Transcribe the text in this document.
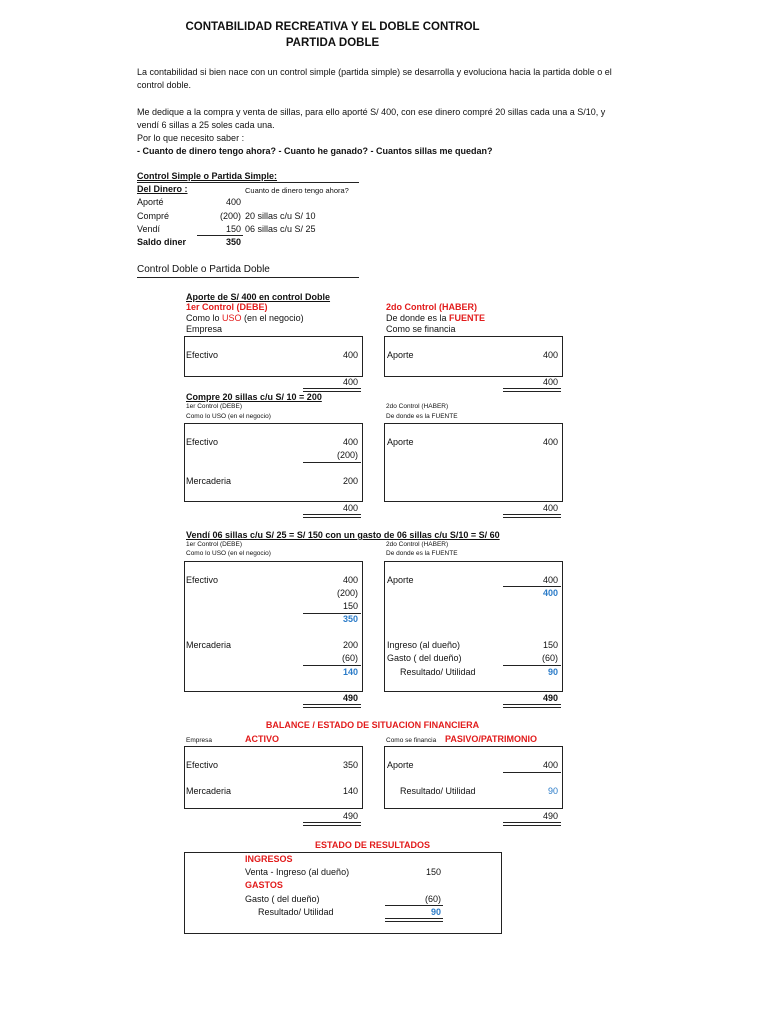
CONTABILIDAD RECREATIVA Y EL DOBLE CONTROL
PARTIDA DOBLE
La contabilidad si bien nace con un control simple (partida simple) se desarrolla y evoluciona hacia la partida doble o el
control doble.
Me dedique a la compra y venta de sillas, para ello aporté S/ 400, con ese dinero compré 20 sillas cada una a S/10, y
vendí 6 sillas a 25 soles cada una.
Por lo que necesito saber :
- Cuanto de dinero tengo ahora? - Cuanto he ganado? - Cuantos sillas me quedan?
Control Simple o Partida Simple:
Del Dinero :	Cuanto de dinero tengo ahora?
Aporté	400
Compré	(200) 20 sillas c/u S/ 10
Vendí	150 06 sillas c/u S/ 25
Saldo diner	350
Control Doble o Partida Doble
Aporte de S/ 400 en control Doble
1er Control (DEBE)
Como lo USO (en el negocio)
Empresa
2do Control (HABER)
De donde es la FUENTE
Como se financia
Efectivo	400
400
Aporte	400
400
Compre 20 sillas c/u S/ 10 = 200
1er Control (DEBE)
Como lo USO (en el negocio)
2do Control (HABER)
De donde es la FUENTE
Efectivo	400
(200)
Mercaderia	200
400
Aporte	400
400
Vendí 06 sillas c/u S/ 25 = S/ 150 con un gasto de 06 sillas c/u S/10 = S/ 60
1er Control (DEBE)
Como lo USO (en el negocio)
2do Control (HABER)
De donde es la FUENTE
Efectivo	400
(200)
150
350
Mercaderia	200
(60)
140
490
Aporte	400
400
Ingreso (al dueño)	150
Gasto ( del dueño)	(60)
Resultado/ Utilidad	90
490
BALANCE / ESTADO DE SITUACION FINANCIERA
Empresa	ACTIVO	Como se financia PASIVO/PATRIMONIO
Efectivo	350
Mercaderia	140
490
Aporte	400
Resultado/ Utilidad	90
490
ESTADO DE RESULTADOS
INGRESOS
Venta - Ingreso (al dueño)	150
GASTOS
Gasto ( del dueño)	(60)
Resultado/ Utilidad	90
